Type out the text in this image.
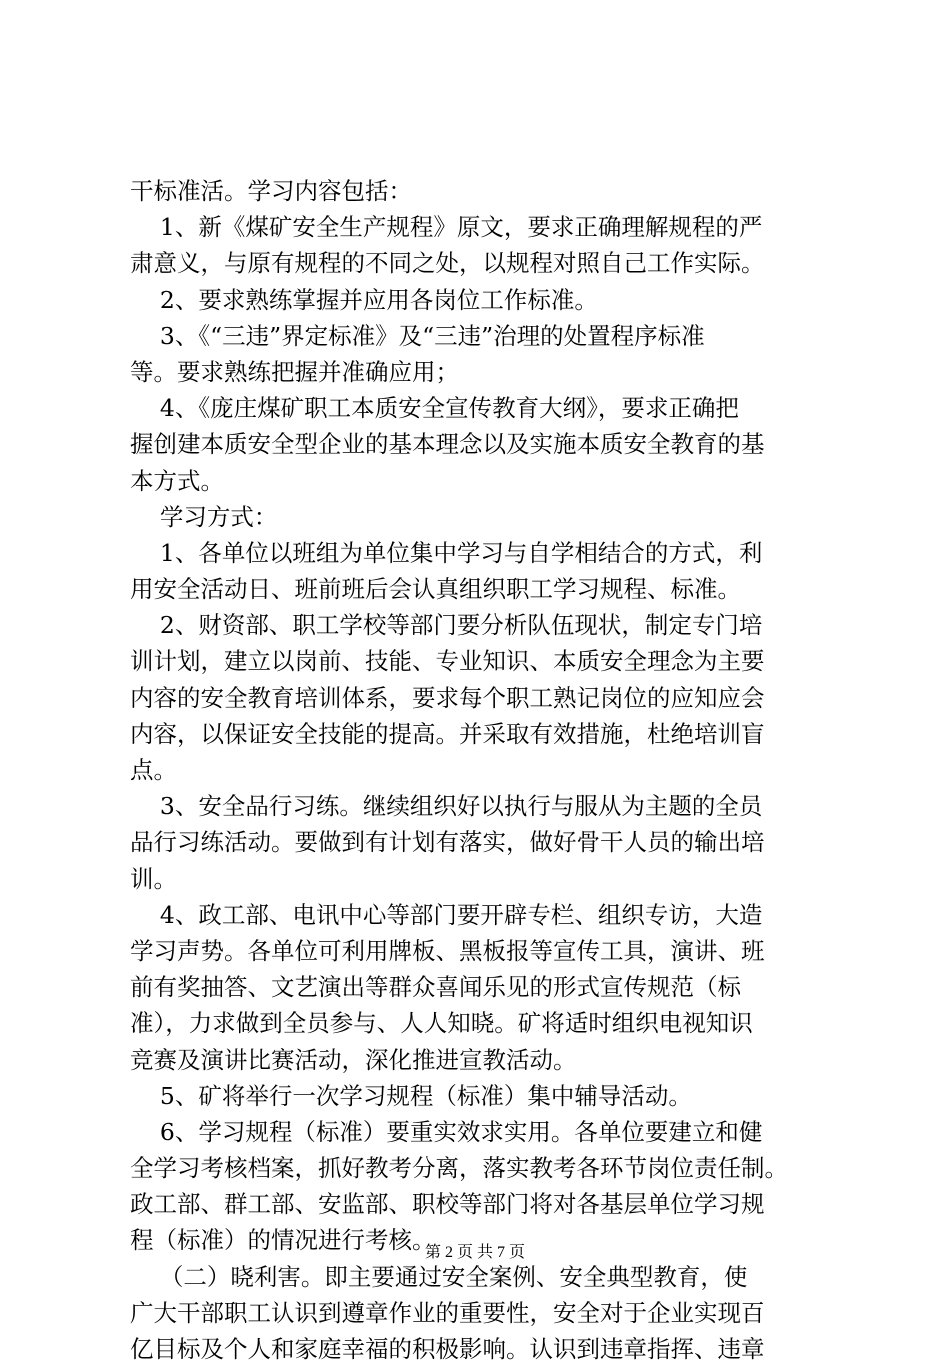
干标准活。学习内容包括：
1、新《煤矿安全生产规程》原文，要求正确理解规程的严
肃意义，与原有规程的不同之处，以规程对照自己工作实际。
2、要求熟练掌握并应用各岗位工作标准。
3、《“三违”界定标准》及“三违”治理的处置程序标准
等。要求熟练把握并准确应用；
4、《庞庄煤矿职工本质安全宣传教育大纲》，要求正确把
握创建本质安全型企业的基本理念以及实施本质安全教育的基
本方式。
学习方式：
1、各单位以班组为单位集中学习与自学相结合的方式，利
用安全活动日、班前班后会认真组织职工学习规程、标准。
2、财资部、职工学校等部门要分析队伍现状，制定专门培
训计划，建立以岗前、技能、专业知识、本质安全理念为主要
内容的安全教育培训体系，要求每个职工熟记岗位的应知应会
内容，以保证安全技能的提高。并采取有效措施，杜绝培训盲
点。
3、安全品行习练。继续组织好以执行与服从为主题的全员
品行习练活动。要做到有计划有落实，做好骨干人员的输出培
训。
4、政工部、电讯中心等部门要开辟专栏、组织专访，大造
学习声势。各单位可利用牌板、黑板报等宣传工具，演讲、班
前有奖抽答、文艺演出等群众喜闻乐见的形式宣传规范（标
准），力求做到全员参与、人人知晓。矿将适时组织电视知识
竞赛及演讲比赛活动，深化推进宣教活动。
5、矿将举行一次学习规程（标准）集中辅导活动。
6、学习规程（标准）要重实效求实用。各单位要建立和健
全学习考核档案，抓好教考分离，落实教考各环节岗位责任制。
政工部、群工部、安监部、职校等部门将对各基层单位学习规
程（标准）的情况进行考核。
（二）晓利害。即主要通过安全案例、安全典型教育，使
广大干部职工认识到遵章作业的重要性，安全对于企业实现百
亿目标及个人和家庭幸福的积极影响。认识到违章指挥、违章
第 2 页 共 7 页
